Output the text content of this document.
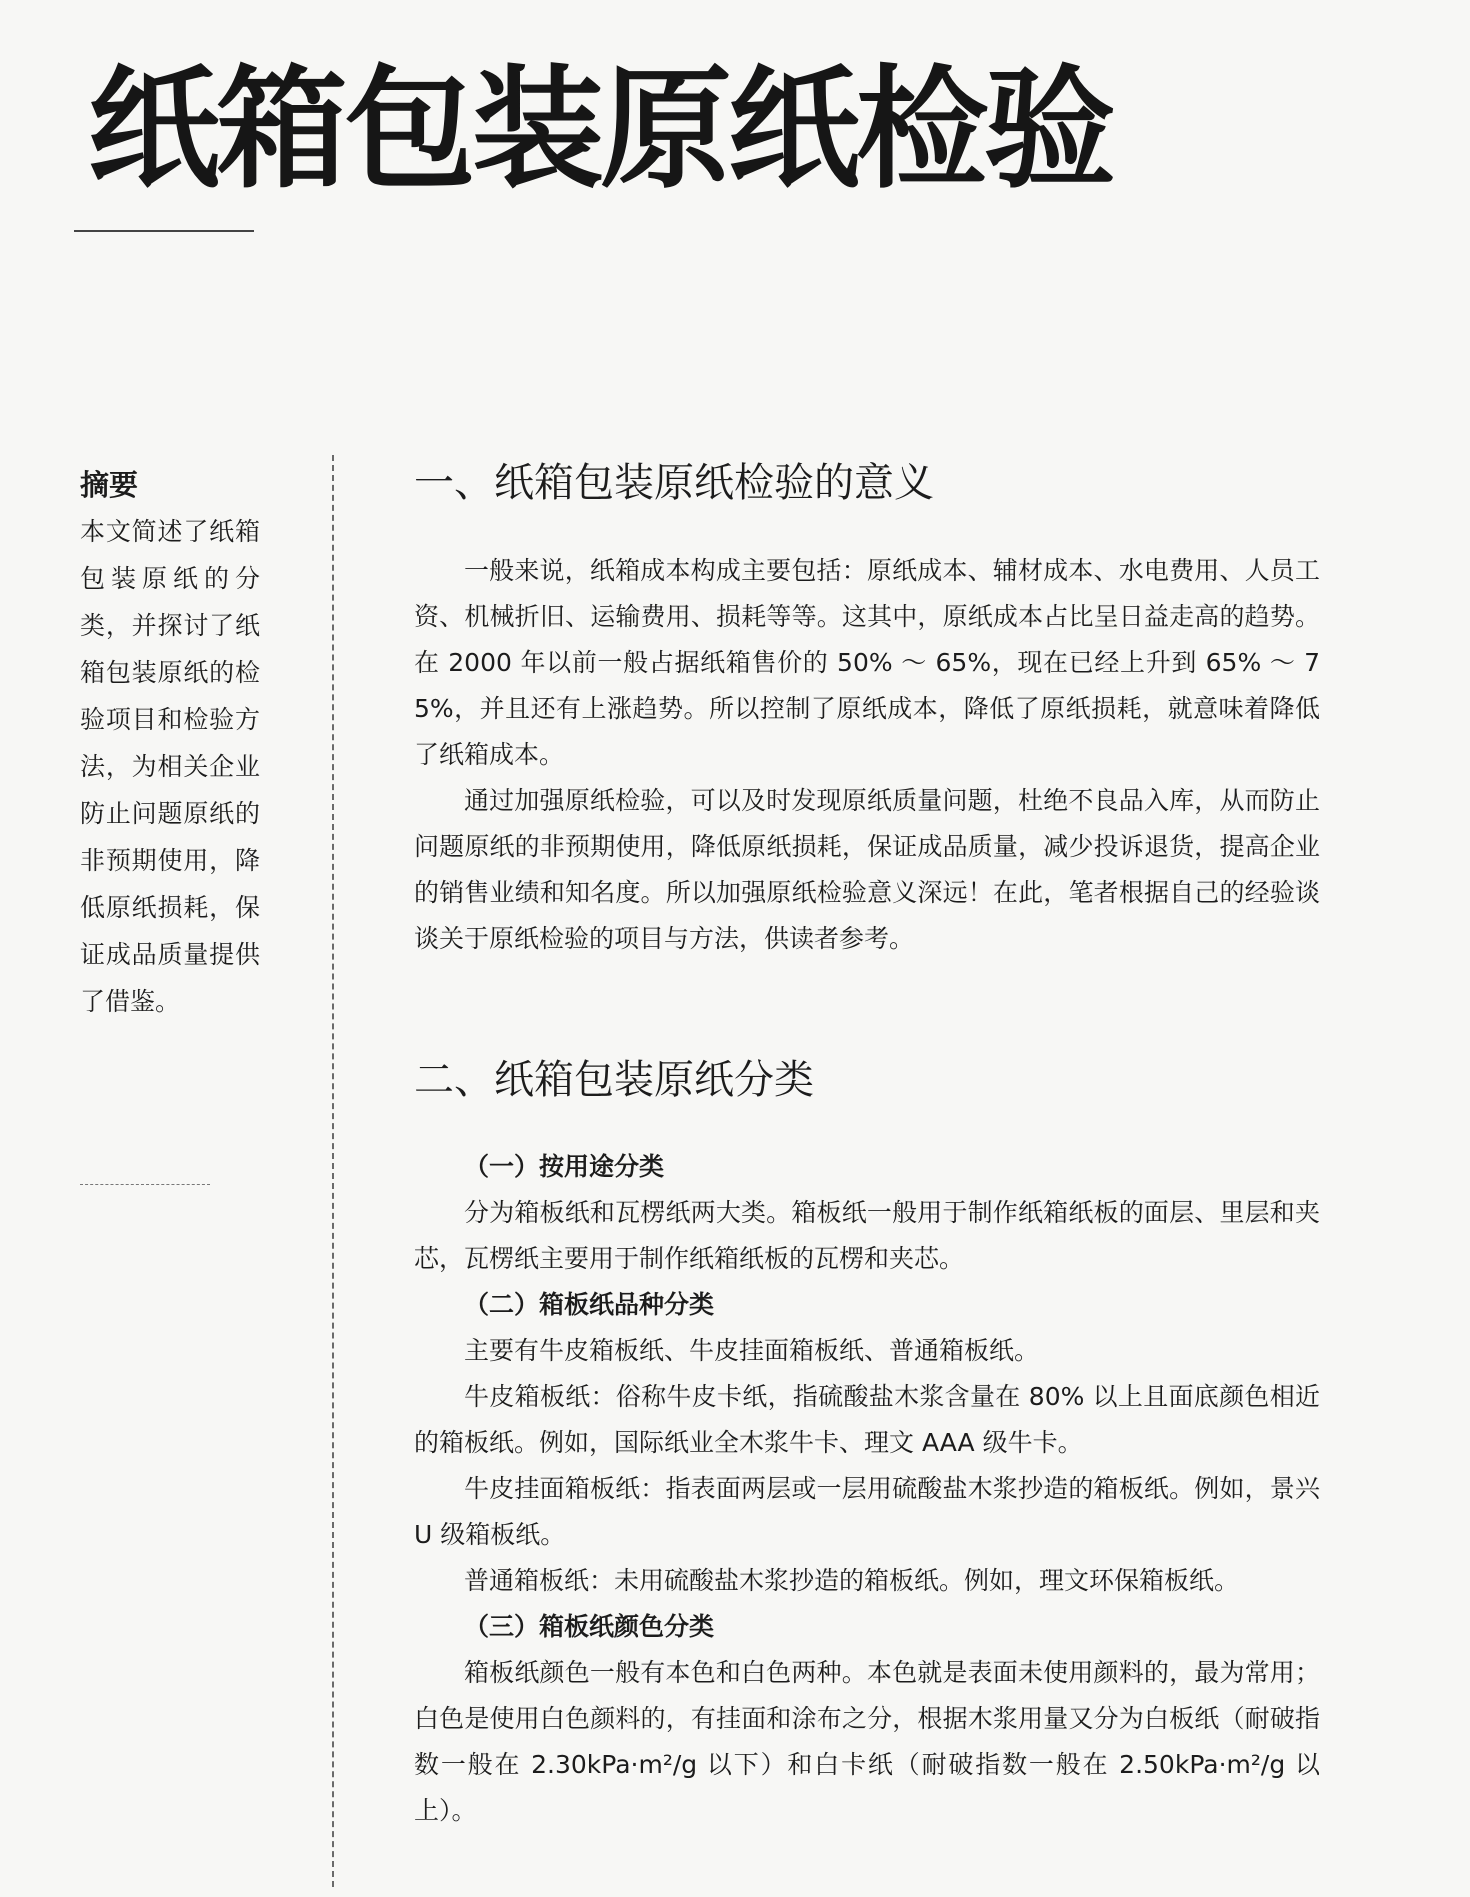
纸箱包装原纸检验

摘要

本文简述了纸箱包装原纸的分类，并探讨了纸箱包装原纸的检验项目和检验方法，为相关企业防止问题原纸的非预期使用，降低原纸损耗，保证成品质量提供了借鉴。

一、纸箱包装原纸检验的意义

一般来说，纸箱成本构成主要包括：原纸成本、辅材成本、水电费用、人员工资、机械折旧、运输费用、损耗等等。这其中，原纸成本占比呈日益走高的趋势。在 2000 年以前一般占据纸箱售价的 50% ～ 65%，现在已经上升到 65% ～ 75%，并且还有上涨趋势。所以控制了原纸成本，降低了原纸损耗，就意味着降低了纸箱成本。

通过加强原纸检验，可以及时发现原纸质量问题，杜绝不良品入库，从而防止问题原纸的非预期使用，降低原纸损耗，保证成品质量，减少投诉退货，提高企业的销售业绩和知名度。所以加强原纸检验意义深远！在此，笔者根据自己的经验谈谈关于原纸检验的项目与方法，供读者参考。

二、纸箱包装原纸分类

（一）按用途分类

分为箱板纸和瓦楞纸两大类。箱板纸一般用于制作纸箱纸板的面层、里层和夹芯，瓦楞纸主要用于制作纸箱纸板的瓦楞和夹芯。

（二）箱板纸品种分类

主要有牛皮箱板纸、牛皮挂面箱板纸、普通箱板纸。

牛皮箱板纸：俗称牛皮卡纸，指硫酸盐木浆含量在 80% 以上且面底颜色相近的箱板纸。例如，国际纸业全木浆牛卡、理文 AAA 级牛卡。

牛皮挂面箱板纸：指表面两层或一层用硫酸盐木浆抄造的箱板纸。例如，景兴 U 级箱板纸。

普通箱板纸：未用硫酸盐木浆抄造的箱板纸。例如，理文环保箱板纸。

（三）箱板纸颜色分类

箱板纸颜色一般有本色和白色两种。本色就是表面未使用颜料的，最为常用；白色是使用白色颜料的，有挂面和涂布之分，根据木浆用量又分为白板纸（耐破指数一般在 2.30kPa·m²/g 以下）和白卡纸（耐破指数一般在 2.50kPa·m²/g 以上）。
